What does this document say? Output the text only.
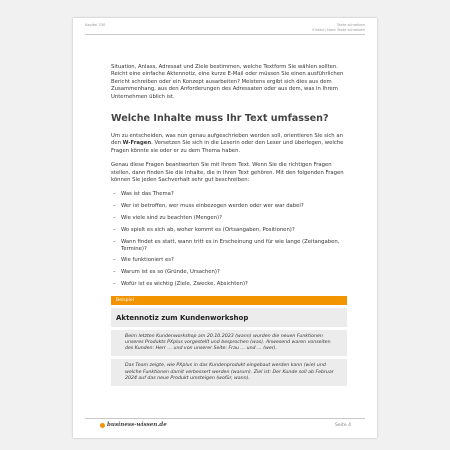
Kapitel 330	Texte schreiben
Einfach klare Texte schreiben

Situation, Anlass, Adressat und Ziele bestimmen, welche Textform Sie wählen sollten. Reicht eine einfache Aktennotiz, eine kurze E-Mail oder müssen Sie einen ausführlichen Bericht schreiben oder ein Konzept ausarbeiten? Meistens ergibt sich dies aus dem Zusammenhang, aus den Anforderungen des Adressaten oder aus dem, was in Ihrem Unternehmen üblich ist.

Welche Inhalte muss Ihr Text umfassen?

Um zu entscheiden, was nun genau aufgeschrieben werden soll, orientieren Sie sich an den W-Fragen. Versetzen Sie sich in die Leserin oder den Leser und überlegen, welche Fragen könnte sie oder er zu dem Thema haben.

Genau diese Fragen beantworten Sie mit Ihrem Text. Wenn Sie die richtigen Fragen stellen, dann finden Sie die Inhalte, die in Ihren Text gehören. Mit den folgenden Fragen können Sie jeden Sachverhalt sehr gut beschreiben:

– Was ist das Thema?
– Wer ist betroffen, wer muss einbezogen werden oder wer war dabei?
– Wie viele sind zu beachten (Mengen)?
– Wo spielt es sich ab, woher kommt es (Ortsangaben, Positionen)?
– Wann findet es statt, wann tritt es in Erscheinung und für wie lange (Zeitangaben, Termine)?
– Wie funktioniert es?
– Warum ist es so (Gründe, Ursachen)?
– Wofür ist es wichtig (Ziele, Zwecke, Absichten)?
Beispiel
Aktennotiz zum Kundenworkshop
Beim letzten Kundenworkshop am 20.10.2023 (wann) wurden die neuen Funktionen unseres Produkts PXplus vorgestellt und besprochen (was). Anwesend waren vonseiten des Kunden: Herr … und von unserer Seite: Frau … und … (wer).
Das Team zeigte, wie PXplus in das Kundenprodukt eingebaut werden kann (wie) und welche Funktionen damit verbessert werden (warum). Ziel ist: Der Kunde soll ab Februar 2024 auf das neue Produkt umsteigen (wofür, wann).
business-wissen.de	Seite 4
